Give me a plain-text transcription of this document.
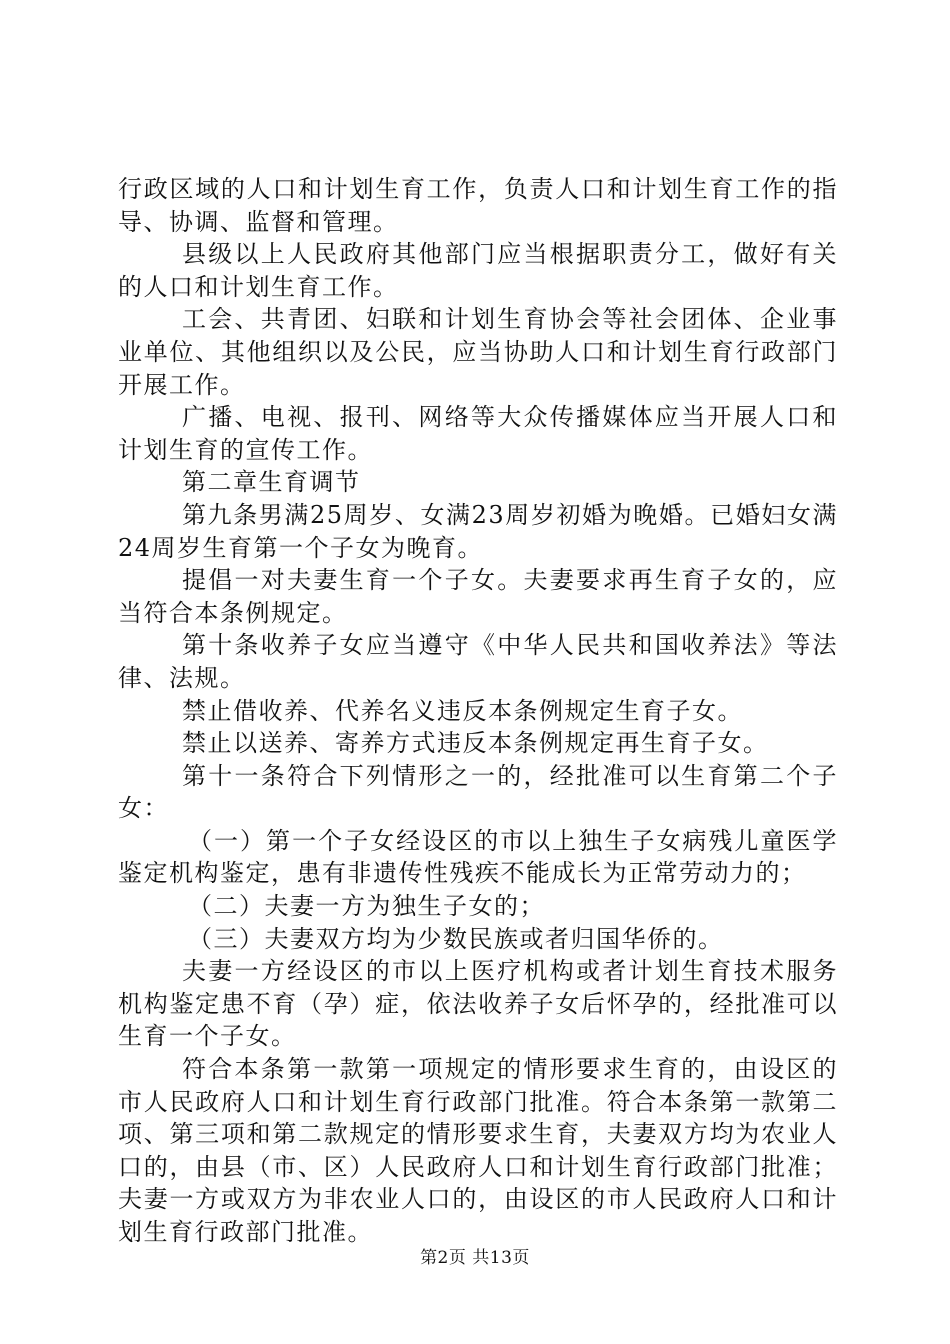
行政区域的人口和计划生育工作，负责人口和计划生育工作的指导、协调、监督和管理。

县级以上人民政府其他部门应当根据职责分工，做好有关的人口和计划生育工作。

工会、共青团、妇联和计划生育协会等社会团体、企业事业单位、其他组织以及公民，应当协助人口和计划生育行政部门开展工作。

广播、电视、报刊、网络等大众传播媒体应当开展人口和计划生育的宣传工作。

第二章生育调节

第九条男满25周岁、女满23周岁初婚为晚婚。已婚妇女满24周岁生育第一个子女为晚育。

提倡一对夫妻生育一个子女。夫妻要求再生育子女的，应当符合本条例规定。

第十条收养子女应当遵守《中华人民共和国收养法》等法律、法规。

禁止借收养、代养名义违反本条例规定生育子女。

禁止以送养、寄养方式违反本条例规定再生育子女。

第十一条符合下列情形之一的，经批准可以生育第二个子女：

（一）第一个子女经设区的市以上独生子女病残儿童医学鉴定机构鉴定，患有非遗传性残疾不能成长为正常劳动力的；

（二）夫妻一方为独生子女的；

（三）夫妻双方均为少数民族或者归国华侨的。

夫妻一方经设区的市以上医疗机构或者计划生育技术服务机构鉴定患不育（孕）症，依法收养子女后怀孕的，经批准可以生育一个子女。

符合本条第一款第一项规定的情形要求生育的，由设区的市人民政府人口和计划生育行政部门批准。符合本条第一款第二项、第三项和第二款规定的情形要求生育，夫妻双方均为农业人口的，由县（市、区）人民政府人口和计划生育行政部门批准；夫妻一方或双方为非农业人口的，由设区的市人民政府人口和计划生育行政部门批准。

第2页 共13页
